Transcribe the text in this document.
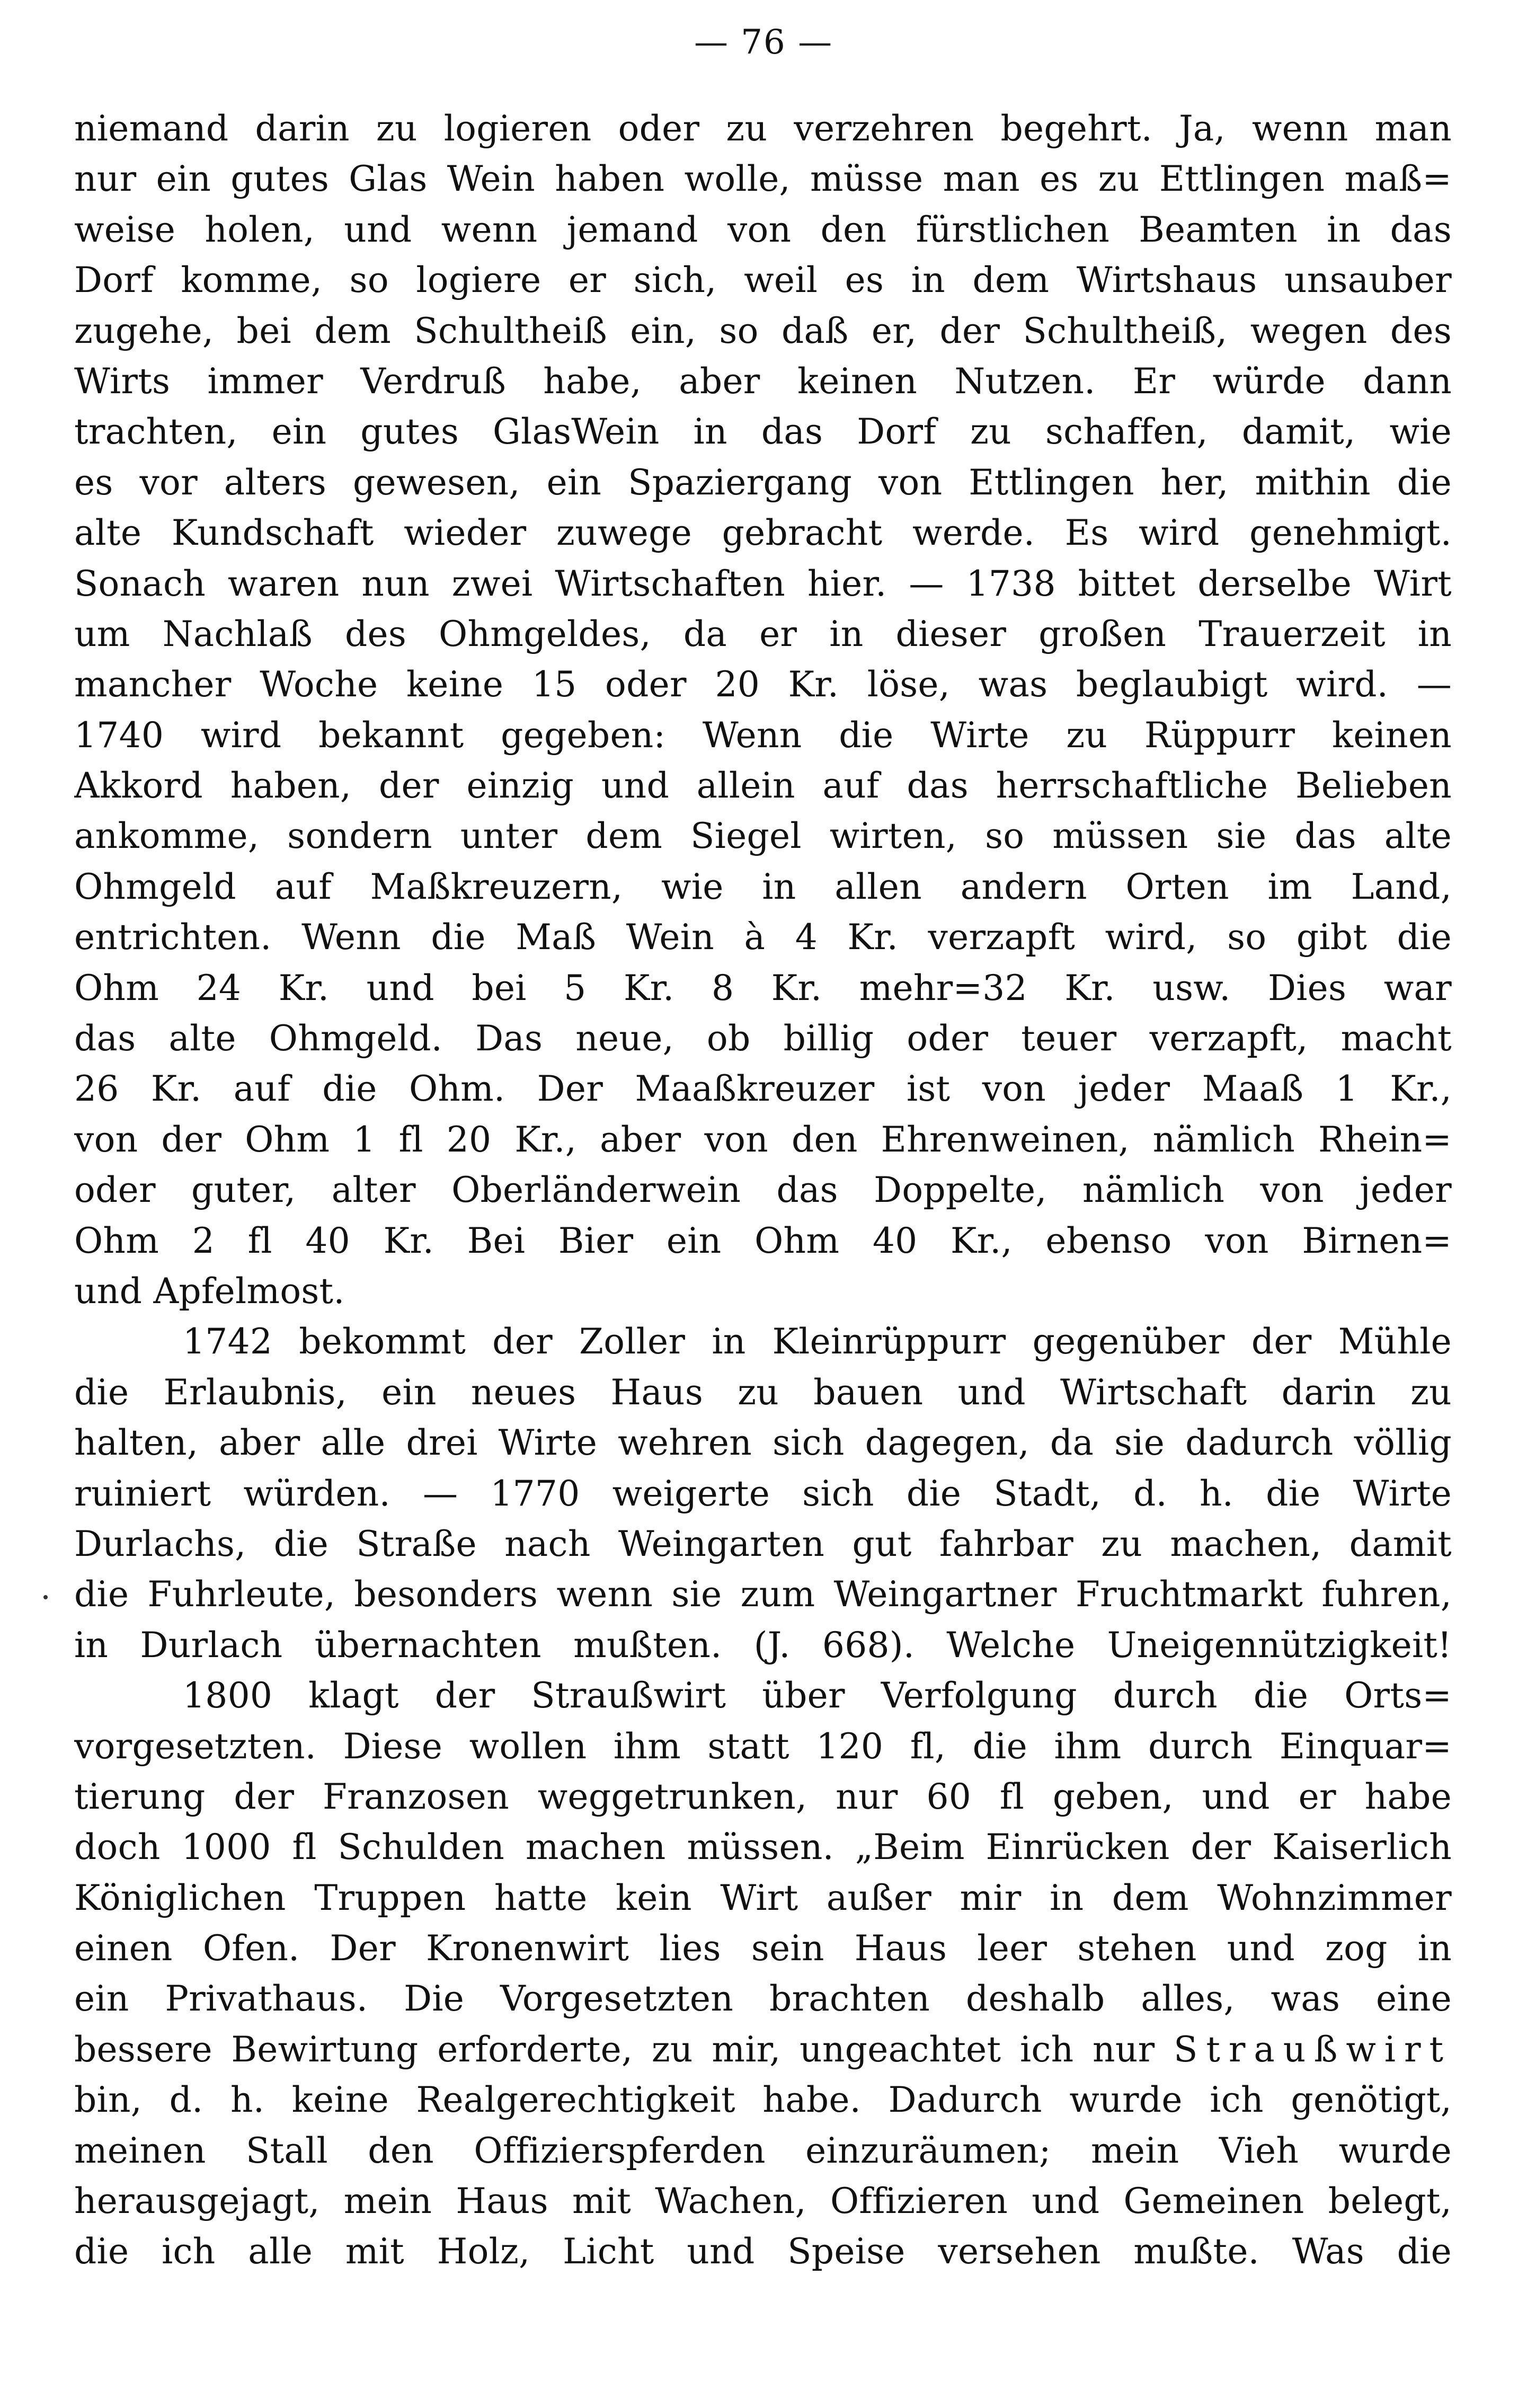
— 76 —
niemand darin zu logieren oder zu verzehren begehrt. Ja, wenn man
nur ein gutes Glas Wein haben wolle, müsse man es zu Ettlingen maß=
weise holen, und wenn jemand von den fürstlichen Beamten in das
Dorf komme, so logiere er sich, weil es in dem Wirtshaus unsauber
zugehe, bei dem Schultheiß ein, so daß er, der Schultheiß, wegen des
Wirts immer Verdruß habe, aber keinen Nutzen. Er würde dann
trachten, ein gutes GlasWein in das Dorf zu schaffen, damit, wie
es vor alters gewesen, ein Spaziergang von Ettlingen her, mithin die
alte Kundschaft wieder zuwege gebracht werde. Es wird genehmigt.
Sonach waren nun zwei Wirtschaften hier. — 1738 bittet derselbe Wirt
um Nachlaß des Ohmgeldes, da er in dieser großen Trauerzeit in
mancher Woche keine 15 oder 20 Kr. löse, was beglaubigt wird. —
1740 wird bekannt gegeben: Wenn die Wirte zu Rüppurr keinen
Akkord haben, der einzig und allein auf das herrschaftliche Belieben
ankomme, sondern unter dem Siegel wirten, so müssen sie das alte
Ohmgeld auf Maßkreuzern, wie in allen andern Orten im Land,
entrichten. Wenn die Maß Wein à 4 Kr. verzapft wird, so gibt die
Ohm 24 Kr. und bei 5 Kr. 8 Kr. mehr=32 Kr. usw. Dies war
das alte Ohmgeld. Das neue, ob billig oder teuer verzapft, macht
26 Kr. auf die Ohm. Der Maaßkreuzer ist von jeder Maaß 1 Kr.,
von der Ohm 1 fl 20 Kr., aber von den Ehrenweinen, nämlich Rhein=
oder guter, alter Oberländerwein das Doppelte, nämlich von jeder
Ohm 2 fl 40 Kr. Bei Bier ein Ohm 40 Kr., ebenso von Birnen=
und Apfelmost.
1742 bekommt der Zoller in Kleinrüppurr gegenüber der Mühle
die Erlaubnis, ein neues Haus zu bauen und Wirtschaft darin zu
halten, aber alle drei Wirte wehren sich dagegen, da sie dadurch völlig
ruiniert würden. — 1770 weigerte sich die Stadt, d. h. die Wirte
Durlachs, die Straße nach Weingarten gut fahrbar zu machen, damit
die Fuhrleute, besonders wenn sie zum Weingartner Fruchtmarkt fuhren,
in Durlach übernachten mußten. (J. 668). Welche Uneigennützigkeit!
1800 klagt der Straußwirt über Verfolgung durch die Orts=
vorgesetzten. Diese wollen ihm statt 120 fl, die ihm durch Einquar=
tierung der Franzosen weggetrunken, nur 60 fl geben, und er habe
doch 1000 fl Schulden machen müssen. „Beim Einrücken der Kaiserlich
Königlichen Truppen hatte kein Wirt außer mir in dem Wohnzimmer
einen Ofen. Der Kronenwirt lies sein Haus leer stehen und zog in
ein Privathaus. Die Vorgesetzten brachten deshalb alles, was eine
bessere Bewirtung erforderte, zu mir, ungeachtet ich nur Straußwirt
bin, d. h. keine Realgerechtigkeit habe. Dadurch wurde ich genötigt,
meinen Stall den Offizierspferden einzuräumen; mein Vieh wurde
herausgejagt, mein Haus mit Wachen, Offizieren und Gemeinen belegt,
die ich alle mit Holz, Licht und Speise versehen mußte. Was die
